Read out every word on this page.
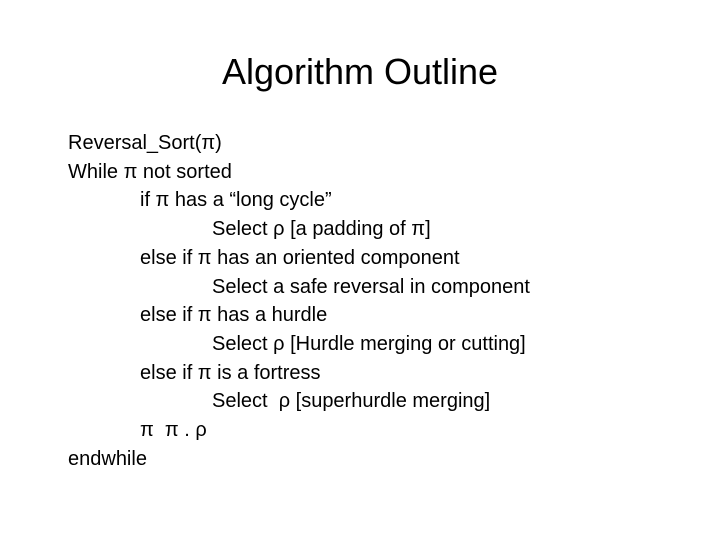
Algorithm Outline
Reversal_Sort(π)
While π not sorted
if π has a “long cycle”
Select ρ [a padding of π]
else if π has an oriented component
Select a safe reversal in component
else if π has a hurdle
Select ρ [Hurdle merging or cutting]
else if π is a fortress
Select  ρ [superhurdle merging]
π  π . ρ
endwhile
